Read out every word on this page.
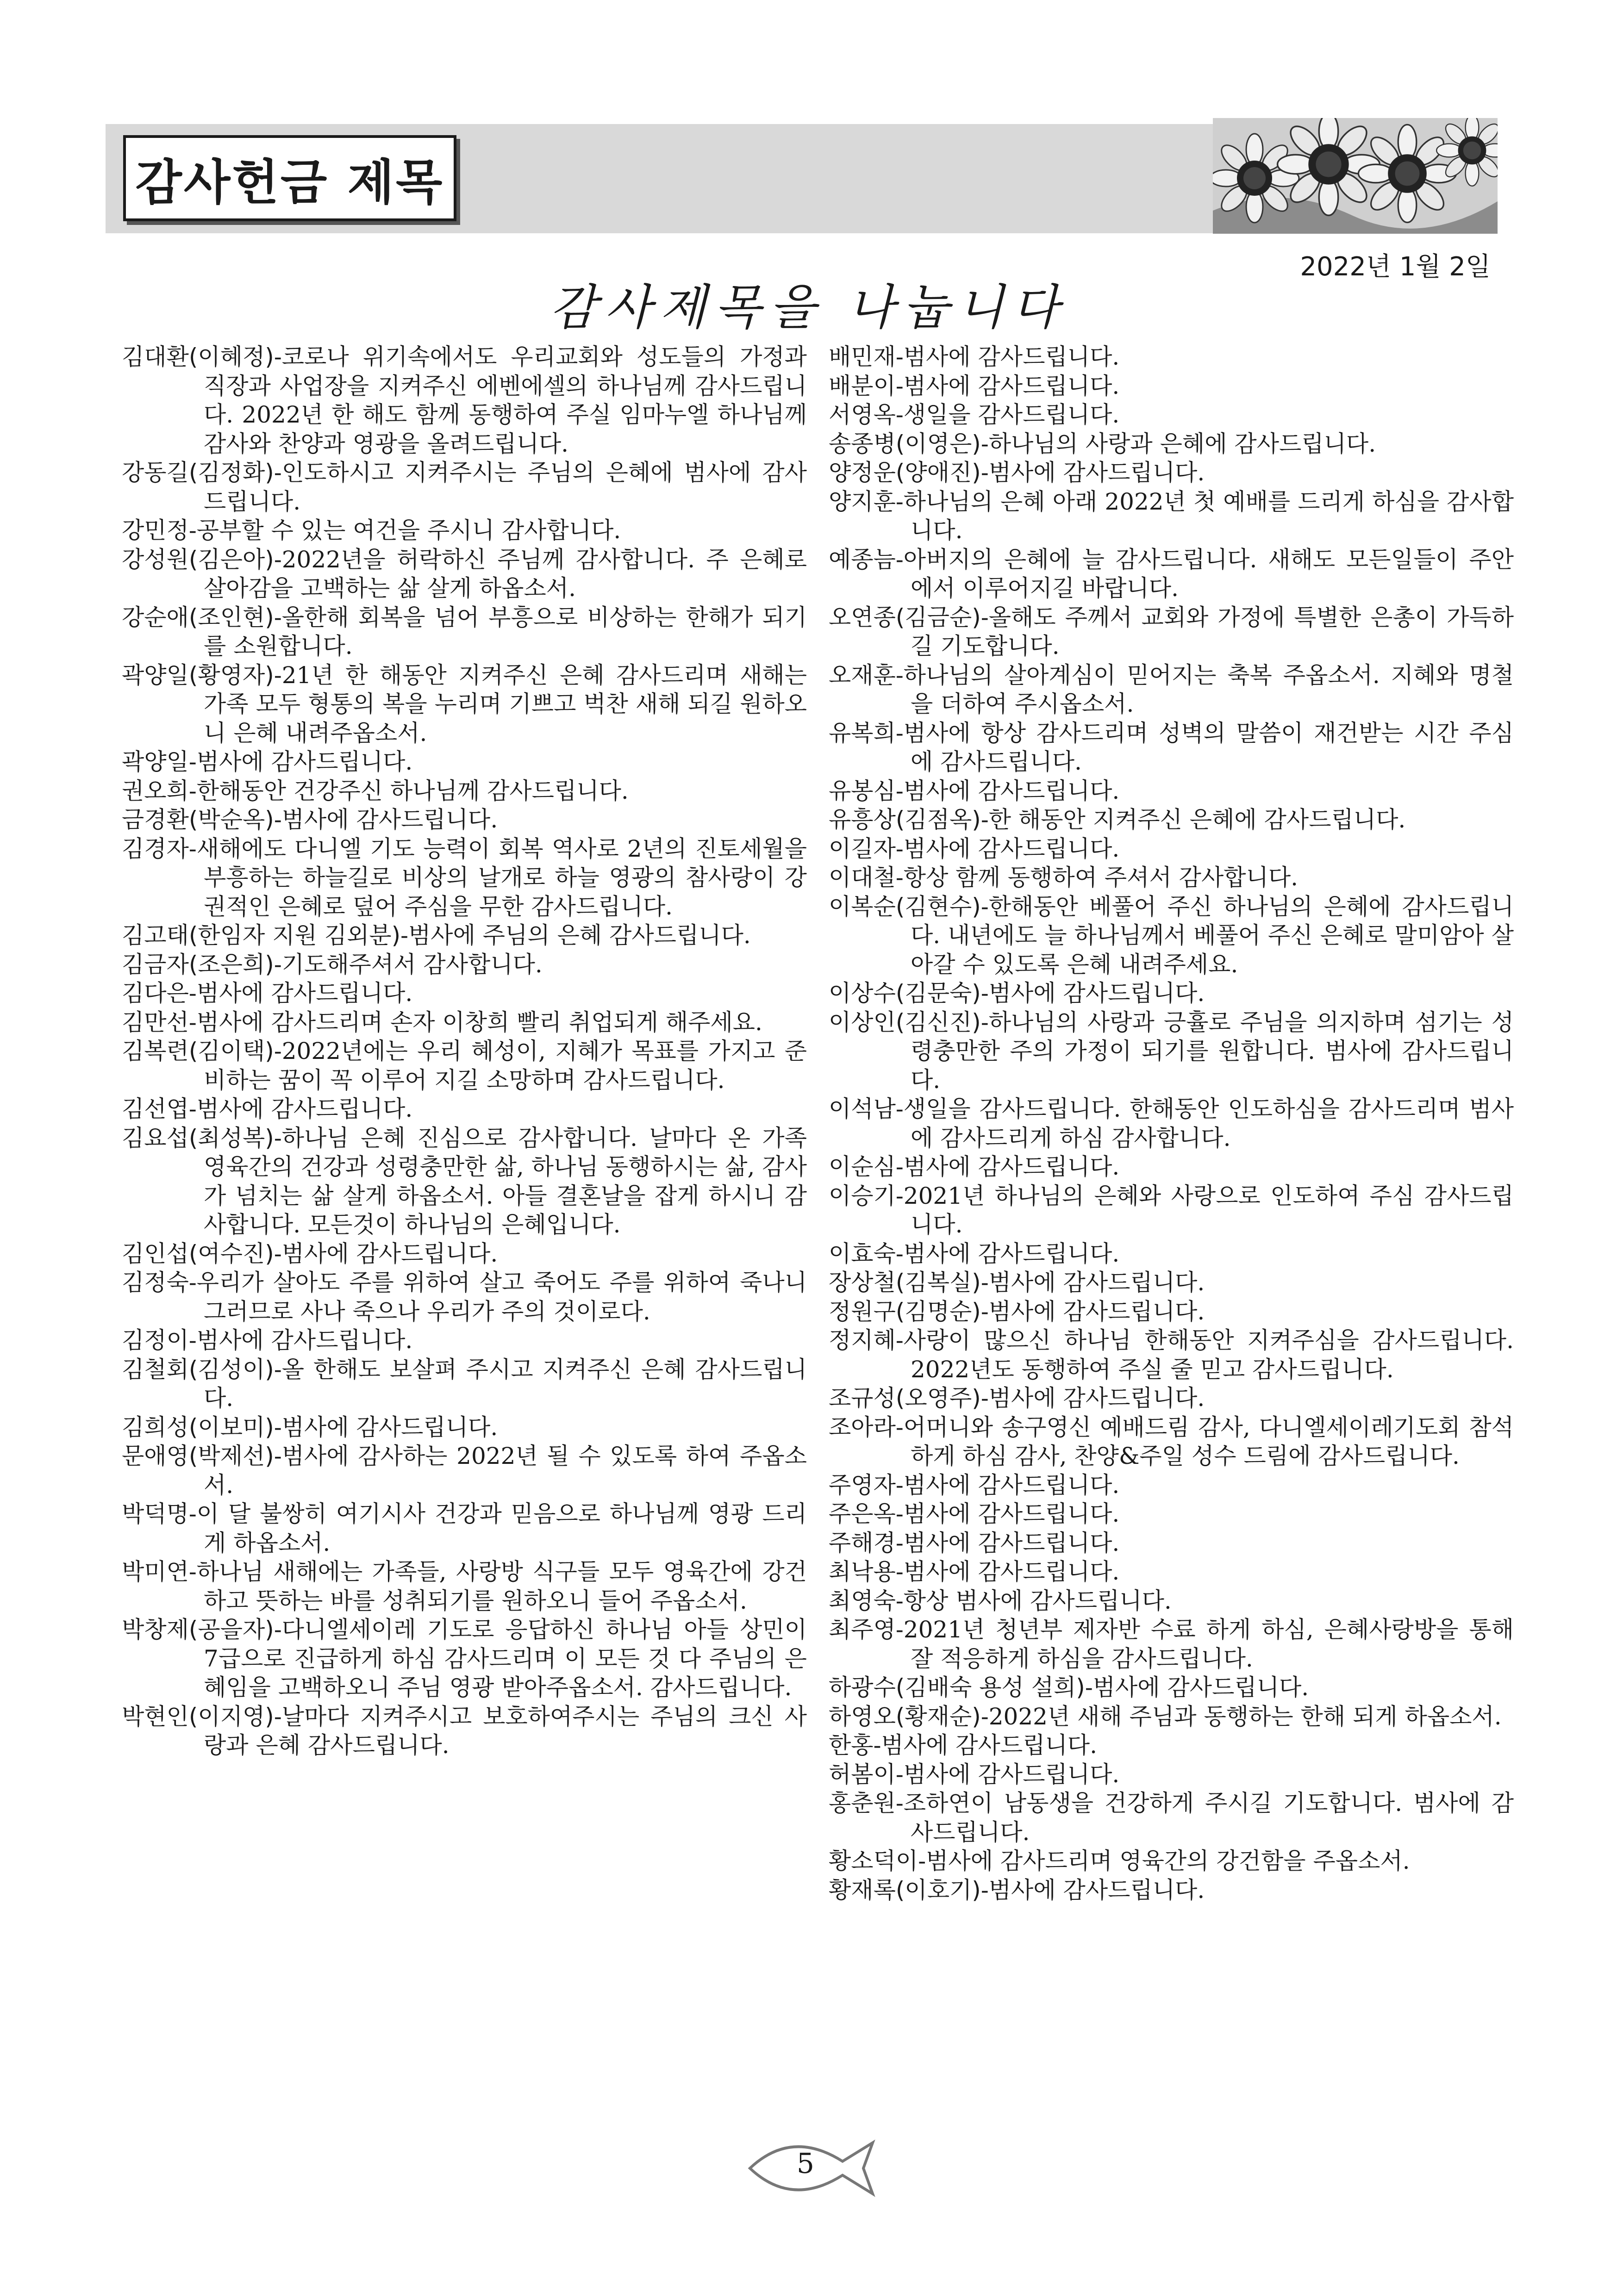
감사헌금 제목
2022년 1월 2일
감사제목을 나눕니다

김대환(이혜정)-코로나 위기속에서도 우리교회와 성도들의 가정과 직장과 사업장을 지켜주신 에벤에셀의 하나님께 감사드립니다. 2022년 한 해도 함께 동행하여 주실 임마누엘 하나님께 감사와 찬양과 영광을 올려드립니다.

강동길(김정화)-인도하시고 지켜주시는 주님의 은혜에 범사에 감사드립니다.

강민정-공부할 수 있는 여건을 주시니 감사합니다.

강성원(김은아)-2022년을 허락하신 주님께 감사합니다. 주 은혜로 살아감을 고백하는 삶 살게 하옵소서.

강순애(조인현)-올한해 회복을 넘어 부흥으로 비상하는 한해가 되기를 소원합니다.

곽양일(황영자)-21년 한 해동안 지켜주신 은혜 감사드리며 새해는 가족 모두 형통의 복을 누리며 기쁘고 벅찬 새해 되길 원하오니 은혜 내려주옵소서.

곽양일-범사에 감사드립니다.

권오희-한해동안 건강주신 하나님께 감사드립니다.

금경환(박순옥)-범사에 감사드립니다.

김경자-새해에도 다니엘 기도 능력이 회복 역사로 2년의 진토세월을 부흥하는 하늘길로 비상의 날개로 하늘 영광의 참사랑이 강권적인 은혜로 덮어 주심을 무한 감사드립니다.

김고태(한임자 지원 김외분)-범사에 주님의 은혜 감사드립니다.

김금자(조은희)-기도해주셔서 감사합니다.

김다은-범사에 감사드립니다.

김만선-범사에 감사드리며 손자 이창희 빨리 취업되게 해주세요.

김복련(김이택)-2022년에는 우리 혜성이, 지혜가 목표를 가지고 준비하는 꿈이 꼭 이루어 지길 소망하며 감사드립니다.

김선엽-범사에 감사드립니다.

김요섭(최성복)-하나님 은혜 진심으로 감사합니다. 날마다 온 가족 영육간의 건강과 성령충만한 삶, 하나님 동행하시는 삶, 감사가 넘치는 삶 살게 하옵소서. 아들 결혼날을 잡게 하시니 감사합니다. 모든것이 하나님의 은혜입니다.

김인섭(여수진)-범사에 감사드립니다.

김정숙-우리가 살아도 주를 위하여 살고 죽어도 주를 위하여 죽나니 그러므로 사나 죽으나 우리가 주의 것이로다.

김정이-범사에 감사드립니다.

김철회(김성이)-올 한해도 보살펴 주시고 지켜주신 은혜 감사드립니다.

김희성(이보미)-범사에 감사드립니다.

문애영(박제선)-범사에 감사하는 2022년 될 수 있도록 하여 주옵소서.

박덕명-이 달 불쌍히 여기시사 건강과 믿음으로 하나님께 영광 드리게 하옵소서.

박미연-하나님 새해에는 가족들, 사랑방 식구들 모두 영육간에 강건하고 뜻하는 바를 성취되기를 원하오니 들어 주옵소서.

박창제(공을자)-다니엘세이레 기도로 응답하신 하나님 아들 상민이 7급으로 진급하게 하심 감사드리며 이 모든 것 다 주님의 은혜임을 고백하오니 주님 영광 받아주옵소서. 감사드립니다.

박현인(이지영)-날마다 지켜주시고 보호하여주시는 주님의 크신 사랑과 은혜 감사드립니다.

배민재-범사에 감사드립니다.

배분이-범사에 감사드립니다.

서영옥-생일을 감사드립니다.

송종병(이영은)-하나님의 사랑과 은혜에 감사드립니다.

양정운(양애진)-범사에 감사드립니다.

양지훈-하나님의 은혜 아래 2022년 첫 예배를 드리게 하심을 감사합니다.

예종늠-아버지의 은혜에 늘 감사드립니다. 새해도 모든일들이 주안에서 이루어지길 바랍니다.

오연종(김금순)-올해도 주께서 교회와 가정에 특별한 은총이 가득하길 기도합니다.

오재훈-하나님의 살아계심이 믿어지는 축복 주옵소서. 지혜와 명철을 더하여 주시옵소서.

유복희-범사에 항상 감사드리며 성벽의 말씀이 재건받는 시간 주심에 감사드립니다.

유봉심-범사에 감사드립니다.

유흥상(김점옥)-한 해동안 지켜주신 은혜에 감사드립니다.

이길자-범사에 감사드립니다.

이대철-항상 함께 동행하여 주셔서 감사합니다.

이복순(김현수)-한해동안 베풀어 주신 하나님의 은혜에 감사드립니다. 내년에도 늘 하나님께서 베풀어 주신 은혜로 말미암아 살아갈 수 있도록 은혜 내려주세요.

이상수(김문숙)-범사에 감사드립니다.

이상인(김신진)-하나님의 사랑과 긍휼로 주님을 의지하며 섬기는 성령충만한 주의 가정이 되기를 원합니다. 범사에 감사드립니다.

이석남-생일을 감사드립니다. 한해동안 인도하심을 감사드리며 범사에 감사드리게 하심 감사합니다.

이순심-범사에 감사드립니다.

이승기-2021년 하나님의 은혜와 사랑으로 인도하여 주심 감사드립니다.

이효숙-범사에 감사드립니다.

장상철(김복실)-범사에 감사드립니다.

정원구(김명순)-범사에 감사드립니다.

정지혜-사랑이 많으신 하나님 한해동안 지켜주심을 감사드립니다. 2022년도 동행하여 주실 줄 믿고 감사드립니다.

조규성(오영주)-범사에 감사드립니다.

조아라-어머니와 송구영신 예배드림 감사, 다니엘세이레기도회 참석하게 하심 감사, 찬양&주일 성수 드림에 감사드립니다.

주영자-범사에 감사드립니다.

주은옥-범사에 감사드립니다.

주해경-범사에 감사드립니다.

최낙용-범사에 감사드립니다.

최영숙-항상 범사에 감사드립니다.

최주영-2021년 청년부 제자반 수료 하게 하심, 은혜사랑방을 통해 잘 적응하게 하심을 감사드립니다.

하광수(김배숙 용성 설희)-범사에 감사드립니다.

하영오(황재순)-2022년 새해 주님과 동행하는 한해 되게 하옵소서.

한홍-범사에 감사드립니다.

허봄이-범사에 감사드립니다.

홍춘원-조하연이 남동생을 건강하게 주시길 기도합니다. 범사에 감사드립니다.

황소덕이-범사에 감사드리며 영육간의 강건함을 주옵소서.

황재록(이호기)-범사에 감사드립니다.

5
